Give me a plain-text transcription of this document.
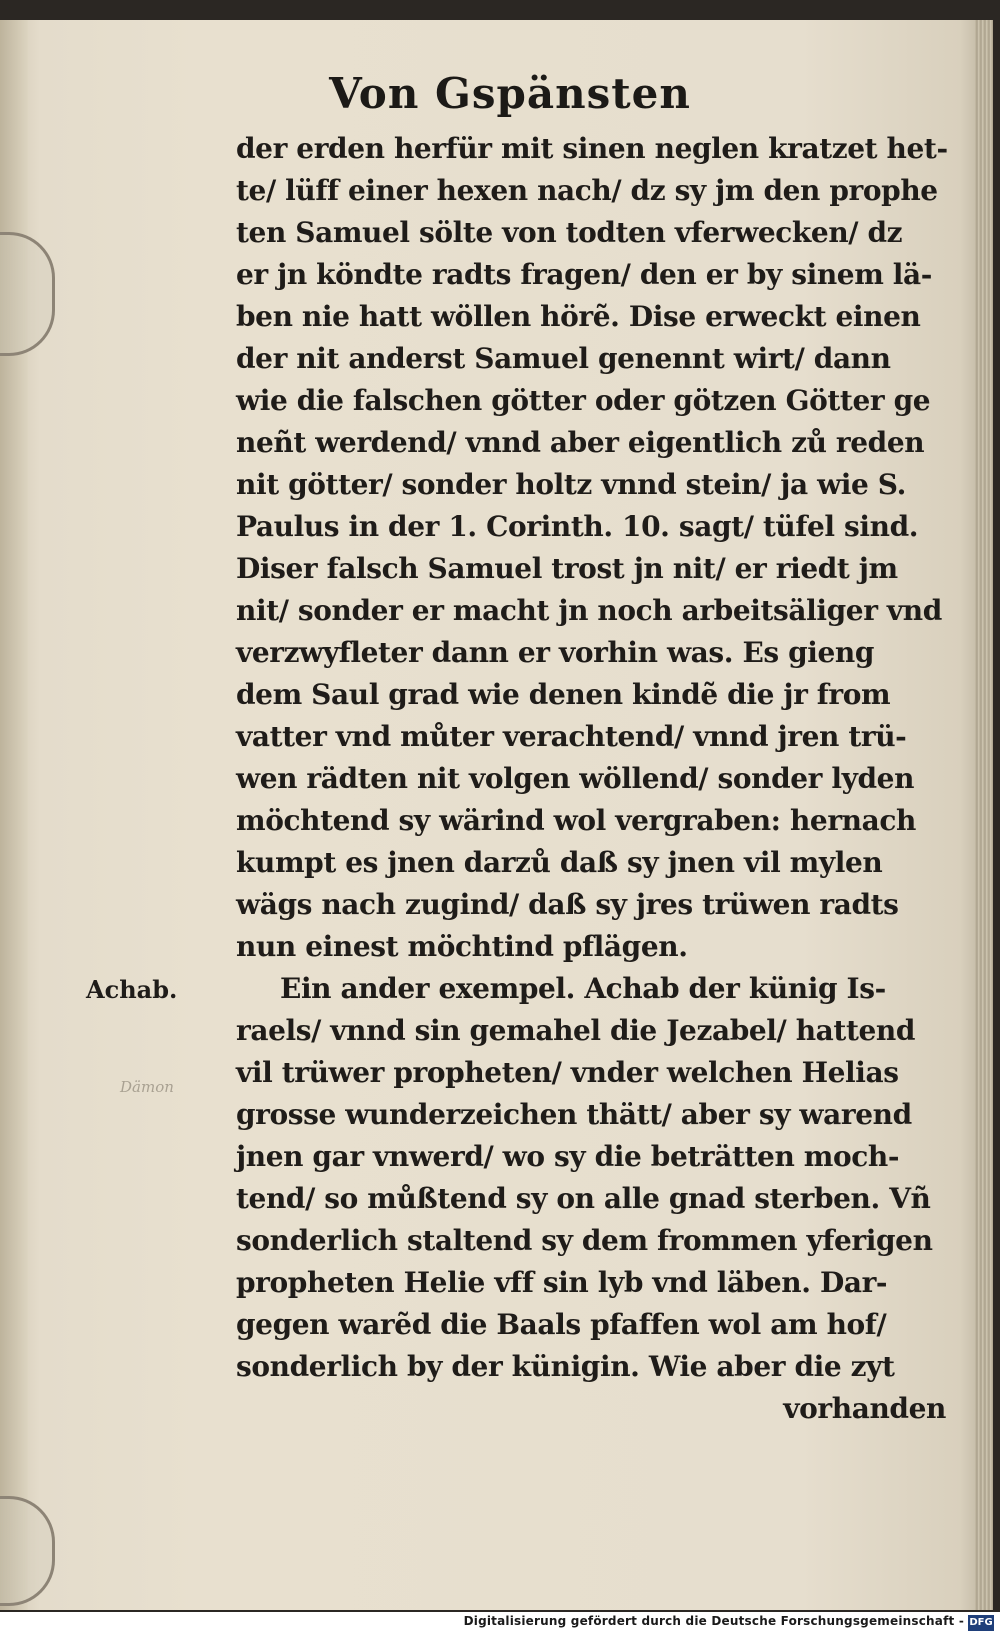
Dämon
Von Gspänsten
Achab.
der erden herfür mit sinen neglen kratzet het-
te/ lüff einer hexen nach/ dz sy jm den prophe
ten Samuel sölte von todten vferwecken/ dz
er jn köndte radts fragen/ den er by sinem lä-
ben nie hatt wöllen hörẽ. Dise erweckt einen
der nit anderst Samuel genennt wirt/ dann
wie die falschen götter oder götzen Götter ge
neñt werdend/ vnnd aber eigentlich zů reden
nit götter/ sonder holtz vnnd stein/ ja wie S.
Paulus in der 1. Corinth. 10. sagt/ tüfel sind.
Diser falsch Samuel trost jn nit/ er riedt jm
nit/ sonder er macht jn noch arbeitsäliger vnd
verzwyfleter dann er vorhin was. Es gieng
dem Saul grad wie denen kindẽ die jr from
vatter vnd můter verachtend/ vnnd jren trü-
wen rädten nit volgen wöllend/ sonder lyden
möchtend sy wärind wol vergraben: hernach
kumpt es jnen darzů daß sy jnen vil mylen
wägs nach zugind/ daß sy jres trüwen radts
nun einest möchtind pflägen.
Ein ander exempel. Achab der künig Is-
raels/ vnnd sin gemahel die Jezabel/ hattend
vil trüwer propheten/ vnder welchen Helias
grosse wunderzeichen thätt/ aber sy warend
jnen gar vnwerd/ wo sy die beträtten moch-
tend/ so můßtend sy on alle gnad sterben. Vñ
sonderlich staltend sy dem frommen yferigen
propheten Helie vff sin lyb vnd läben. Dar-
gegen warẽd die Baals pfaffen wol am hof/
sonderlich by der künigin. Wie aber die zyt
vorhanden
Digitalisierung gefördert durch die Deutsche Forschungsgemeinschaft - DFG
